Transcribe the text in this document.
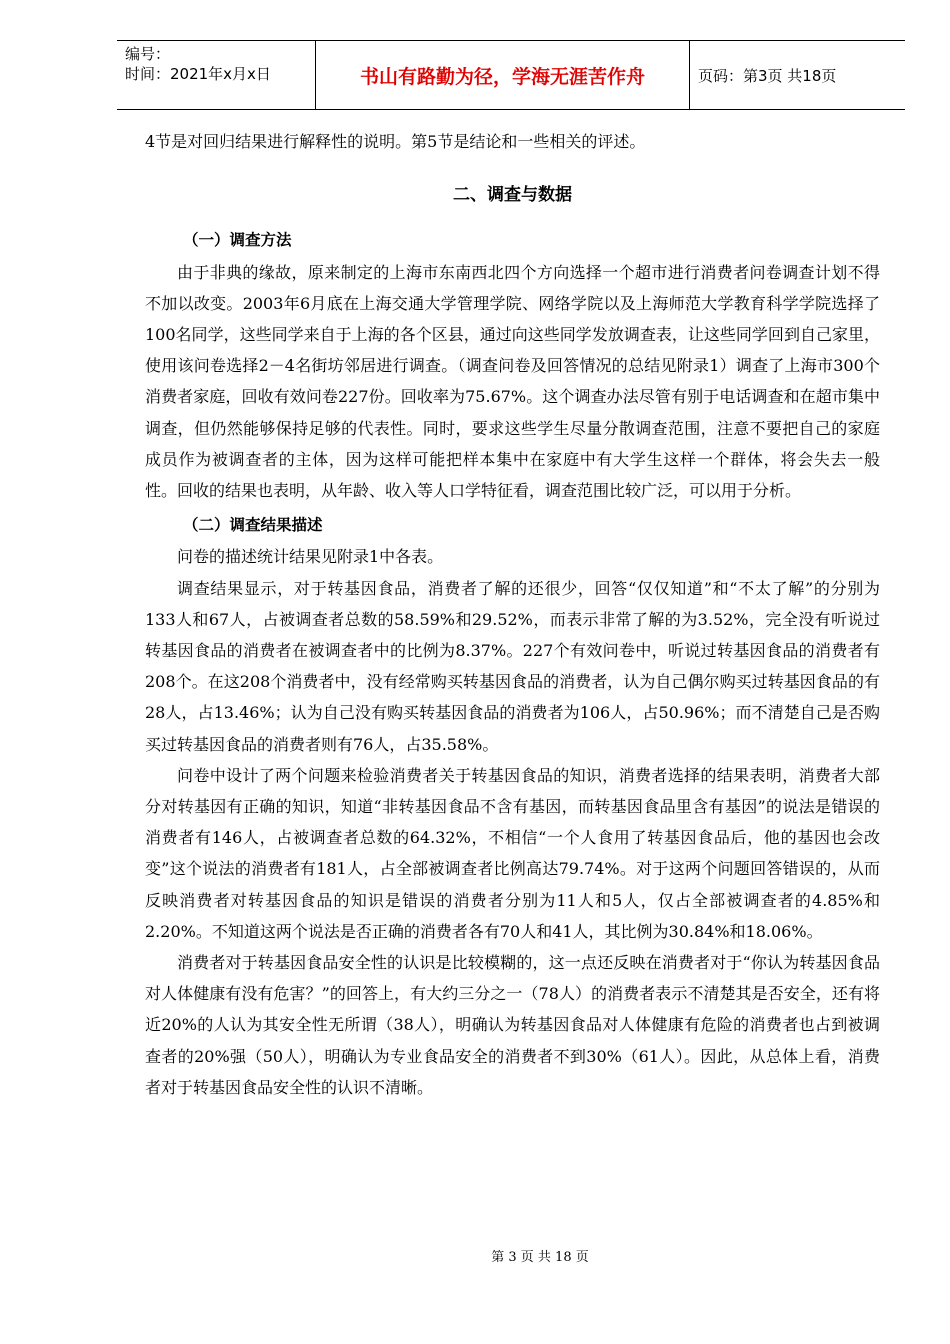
编号：
时间：2021年x月x日	书山有路勤为径，学海无涯苦作舟	页码：第3页 共18页

4节是对回归结果进行解释性的说明。第5节是结论和一些相关的评述。

二、调查与数据

（一）调查方法

由于非典的缘故，原来制定的上海市东南西北四个方向选择一个超市进行消费者问卷调查计划不得不加以改变。2003年6月底在上海交通大学管理学院、网络学院以及上海师范大学教育科学学院选择了100名同学，这些同学来自于上海的各个区县，通过向这些同学发放调查表，让这些同学回到自己家里，使用该问卷选择2－4名街坊邻居进行调查。（调查问卷及回答情况的总结见附录1）调查了上海市300个消费者家庭，回收有效问卷227份。回收率为75.67%。这个调查办法尽管有别于电话调查和在超市集中调查，但仍然能够保持足够的代表性。同时，要求这些学生尽量分散调查范围，注意不要把自己的家庭成员作为被调查者的主体，因为这样可能把样本集中在家庭中有大学生这样一个群体，将会失去一般性。回收的结果也表明，从年龄、收入等人口学特征看，调查范围比较广泛，可以用于分析。

（二）调查结果描述

问卷的描述统计结果见附录1中各表。

调查结果显示，对于转基因食品，消费者了解的还很少，回答“仅仅知道”和“不太了解”的分别为133人和67人，占被调查者总数的58.59%和29.52%，而表示非常了解的为3.52%，完全没有听说过转基因食品的消费者在被调查者中的比例为8.37%。227个有效问卷中，听说过转基因食品的消费者有208个。在这208个消费者中，没有经常购买转基因食品的消费者，认为自己偶尔购买过转基因食品的有28人，占13.46%；认为自己没有购买转基因食品的消费者为106人，占50.96%；而不清楚自己是否购买过转基因食品的消费者则有76人，占35.58%。

问卷中设计了两个问题来检验消费者关于转基因食品的知识，消费者选择的结果表明，消费者大部分对转基因有正确的知识，知道“非转基因食品不含有基因，而转基因食品里含有基因”的说法是错误的消费者有146人，占被调查者总数的64.32%，不相信“一个人食用了转基因食品后，他的基因也会改变”这个说法的消费者有181人，占全部被调查者比例高达79.74%。对于这两个问题回答错误的，从而反映消费者对转基因食品的知识是错误的消费者分别为11人和5人，仅占全部被调查者的4.85%和2.20%。不知道这两个说法是否正确的消费者各有70人和41人，其比例为30.84%和18.06%。

消费者对于转基因食品安全性的认识是比较模糊的，这一点还反映在消费者对于“你认为转基因食品对人体健康有没有危害？”的回答上，有大约三分之一（78人）的消费者表示不清楚其是否安全，还有将近20%的人认为其安全性无所谓（38人），明确认为转基因食品对人体健康有危险的消费者也占到被调查者的20%强（50人），明确认为专业食品安全的消费者不到30%（61人）。因此，从总体上看，消费者对于转基因食品安全性的认识不清晰。

第 3 页 共 18 页
